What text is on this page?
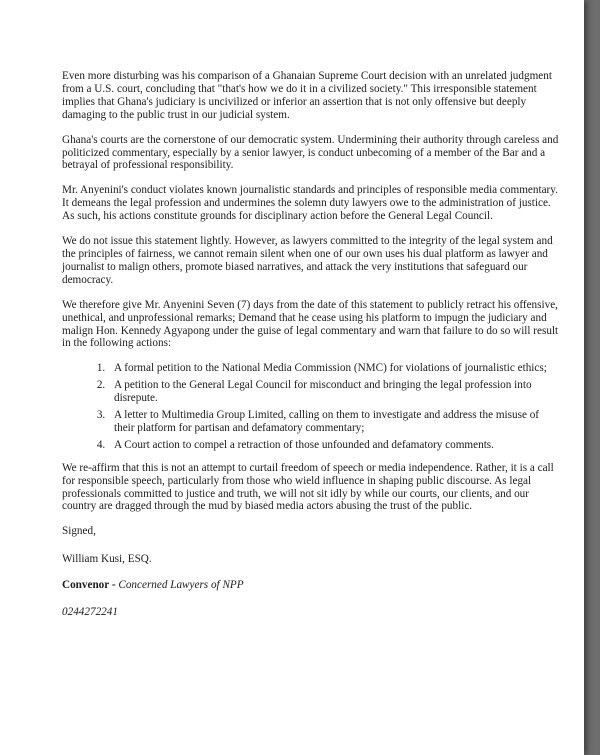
Even more disturbing was his comparison of a Ghanaian Supreme Court decision with an unrelated judgment from a U.S. court, concluding that "that's how we do it in a civilized society." This irresponsible statement implies that Ghana's judiciary is uncivilized or inferior an assertion that is not only offensive but deeply damaging to the public trust in our judicial system.

Ghana's courts are the cornerstone of our democratic system. Undermining their authority through careless and politicized commentary, especially by a senior lawyer, is conduct unbecoming of a member of the Bar and a betrayal of professional responsibility.

Mr. Anyenini's conduct violates known journalistic standards and principles of responsible media commentary. It demeans the legal profession and undermines the solemn duty lawyers owe to the administration of justice. As such, his actions constitute grounds for disciplinary action before the General Legal Council.

We do not issue this statement lightly. However, as lawyers committed to the integrity of the legal system and the principles of fairness, we cannot remain silent when one of our own uses his dual platform as lawyer and journalist to malign others, promote biased narratives, and attack the very institutions that safeguard our democracy.

We therefore give Mr. Anyenini Seven (7) days from the date of this statement to publicly retract his offensive, unethical, and unprofessional remarks; Demand that he cease using his platform to impugn the judiciary and malign Hon. Kennedy Agyapong under the guise of legal commentary and warn that failure to do so will result in the following actions:

1. A formal petition to the National Media Commission (NMC) for violations of journalistic ethics;
2. A petition to the General Legal Council for misconduct and bringing the legal profession into disrepute.
3. A letter to Multimedia Group Limited, calling on them to investigate and address the misuse of their platform for partisan and defamatory commentary;
4. A Court action to compel a retraction of those unfounded and defamatory comments.

We re-affirm that this is not an attempt to curtail freedom of speech or media independence. Rather, it is a call for responsible speech, particularly from those who wield influence in shaping public discourse. As legal professionals committed to justice and truth, we will not sit idly by while our courts, our clients, and our country are dragged through the mud by biased media actors abusing the trust of the public.

Signed,

William Kusi, ESQ.

Convenor - Concerned Lawyers of NPP

0244272241
